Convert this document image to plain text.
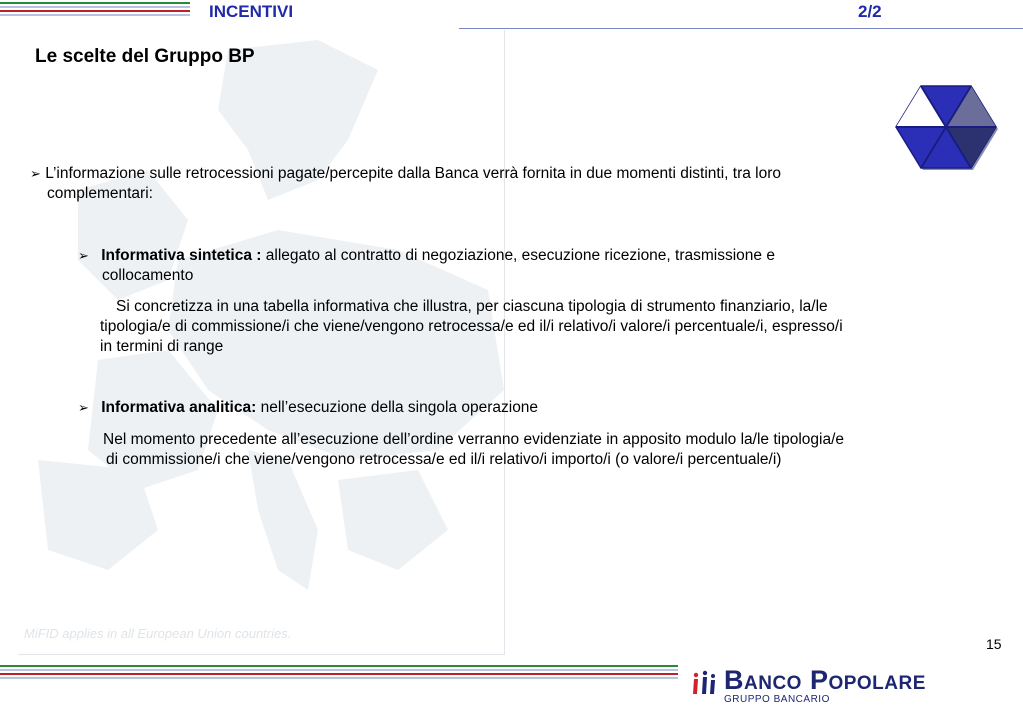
MiFID applies in all European Union countries.
INCENTIVI	2/2
Le scelte del Gruppo BP
➢ L’informazione sulle retrocessioni pagate/percepite dalla Banca verrà fornita in due momenti distinti, tra loro
complementari:
➢ Informativa sintetica : allegato al contratto di negoziazione, esecuzione ricezione, trasmissione e
collocamento
Si concretizza in una tabella informativa che illustra, per ciascuna tipologia di strumento finanziario, la/le
tipologia/e di commissione/i che viene/vengono retrocessa/e ed il/i relativo/i valore/i percentuale/i, espresso/i
in termini di range
➢ Informativa analitica: nell’esecuzione della singola operazione
Nel momento precedente all’esecuzione dell’ordine verranno evidenziate in apposito modulo la/le tipologia/e
di commissione/i che viene/vengono retrocessa/e ed il/i relativo/i importo/i (o valore/i percentuale/i)
15
Banco Popolare
GRUPPO BANCARIO
